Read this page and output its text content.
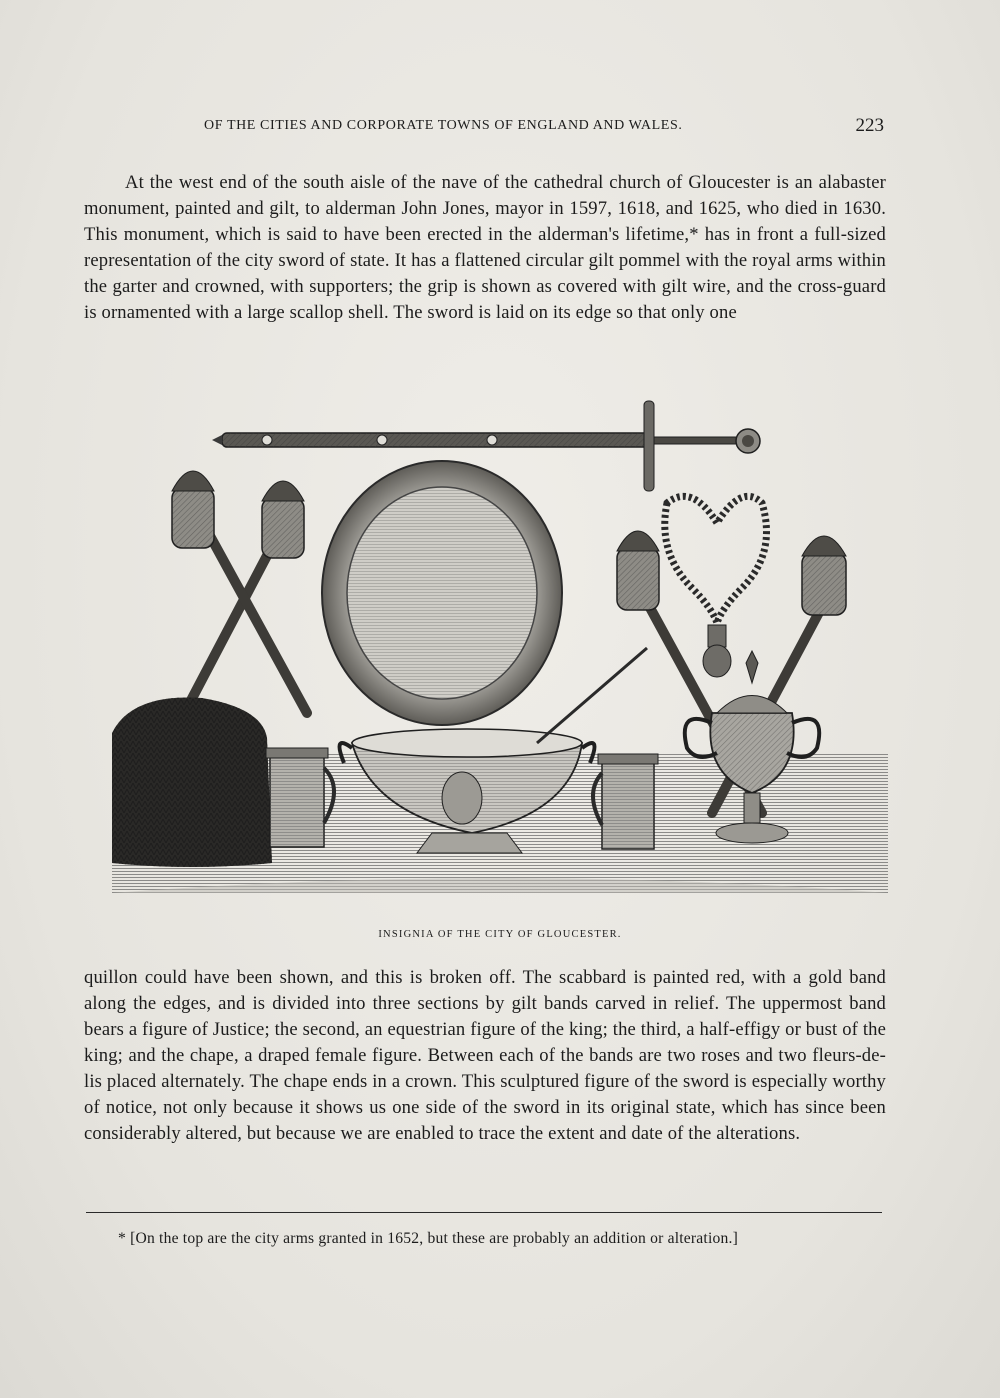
OF THE CITIES AND CORPORATE TOWNS OF ENGLAND AND WALES.	223

At the west end of the south aisle of the nave of the cathedral church of Gloucester is an alabaster monument, painted and gilt, to alderman John Jones, mayor in 1597, 1618, and 1625, who died in 1630. This monument, which is said to have been erected in the alderman's lifetime,* has in front a full-sized representation of the city sword of state. It has a flattened circular gilt pommel with the royal arms within the garter and crowned, with supporters; the grip is shown as covered with gilt wire, and the cross-guard is ornamented with a large scallop shell. The sword is laid on its edge so that only one

INSIGNIA OF THE CITY OF GLOUCESTER.

quillon could have been shown, and this is broken off. The scabbard is painted red, with a gold band along the edges, and is divided into three sections by gilt bands carved in relief. The uppermost band bears a figure of Justice; the second, an equestrian figure of the king; the third, a half-effigy or bust of the king; and the chape, a draped female figure. Between each of the bands are two roses and two fleurs-de-lis placed alternately. The chape ends in a crown. This sculptured figure of the sword is especially worthy of notice, not only because it shows us one side of the sword in its original state, which has since been considerably altered, but because we are enabled to trace the extent and date of the alterations.

* [On the top are the city arms granted in 1652, but these are probably an addition or alteration.]
